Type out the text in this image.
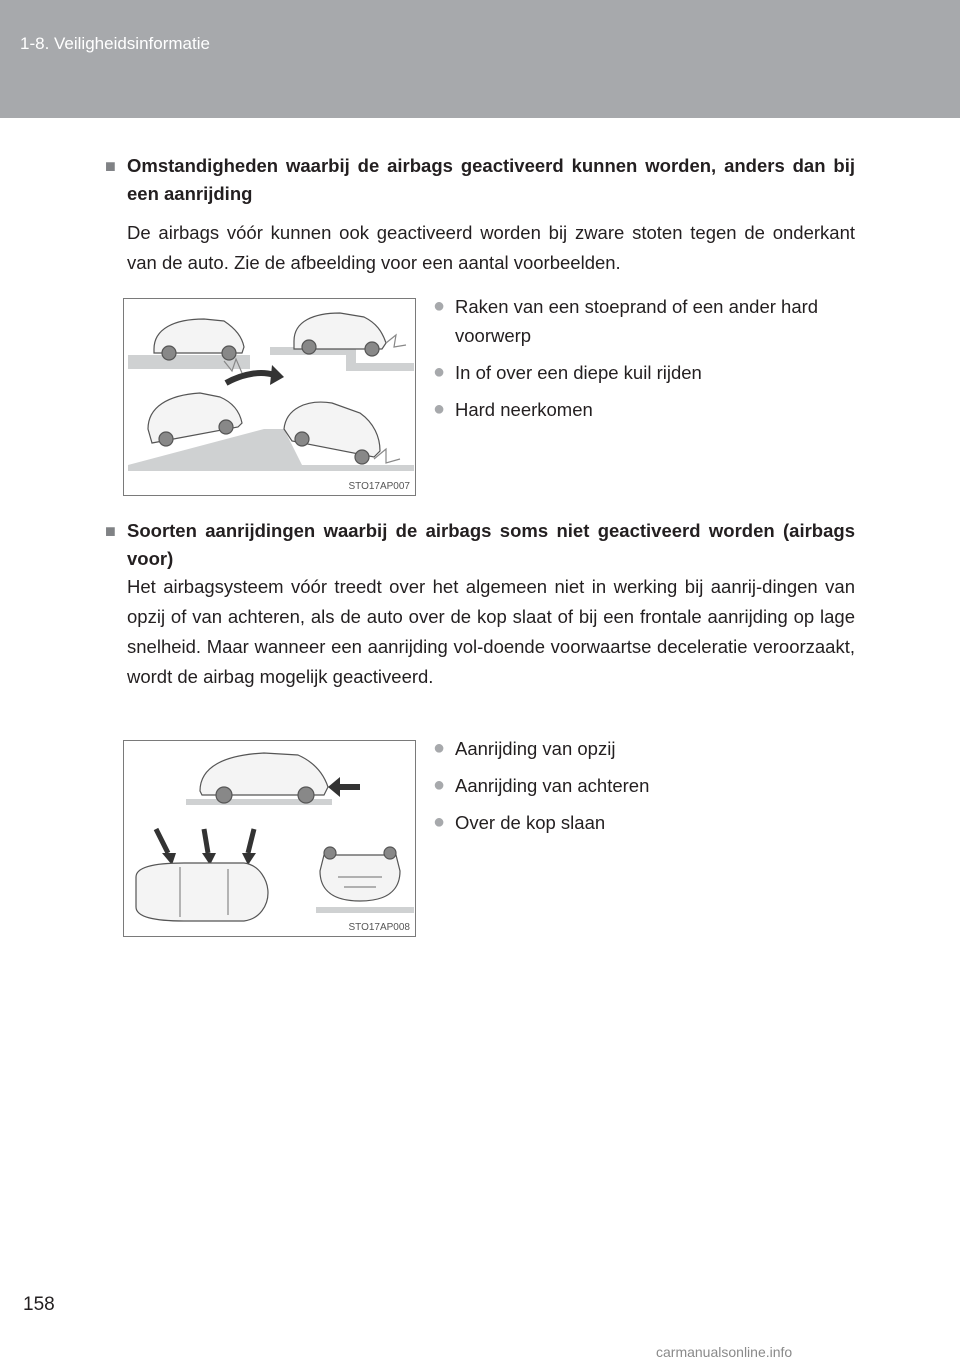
1-8. Veiligheidsinformatie
■ Omstandigheden waarbij de airbags geactiveerd kunnen worden, anders dan bij een aanrijding
De airbags vóór kunnen ook geactiveerd worden bij zware stoten tegen de onderkant van de auto. Zie de afbeelding voor een aantal voorbeelden.
STO17AP007
● Raken van een stoeprand of een ander hard voorwerp
● In of over een diepe kuil rijden
● Hard neerkomen
■ Soorten aanrijdingen waarbij de airbags soms niet geactiveerd worden (airbags voor)
Het airbagsysteem vóór treedt over het algemeen niet in werking bij aanrij-dingen van opzij of van achteren, als de auto over de kop slaat of bij een frontale aanrijding op lage snelheid. Maar wanneer een aanrijding vol-doende voorwaartse deceleratie veroorzaakt, wordt de airbag mogelijk geactiveerd.
STO17AP008
● Aanrijding van opzij
● Aanrijding van achteren
● Over de kop slaan
158
carmanualsonline.info
